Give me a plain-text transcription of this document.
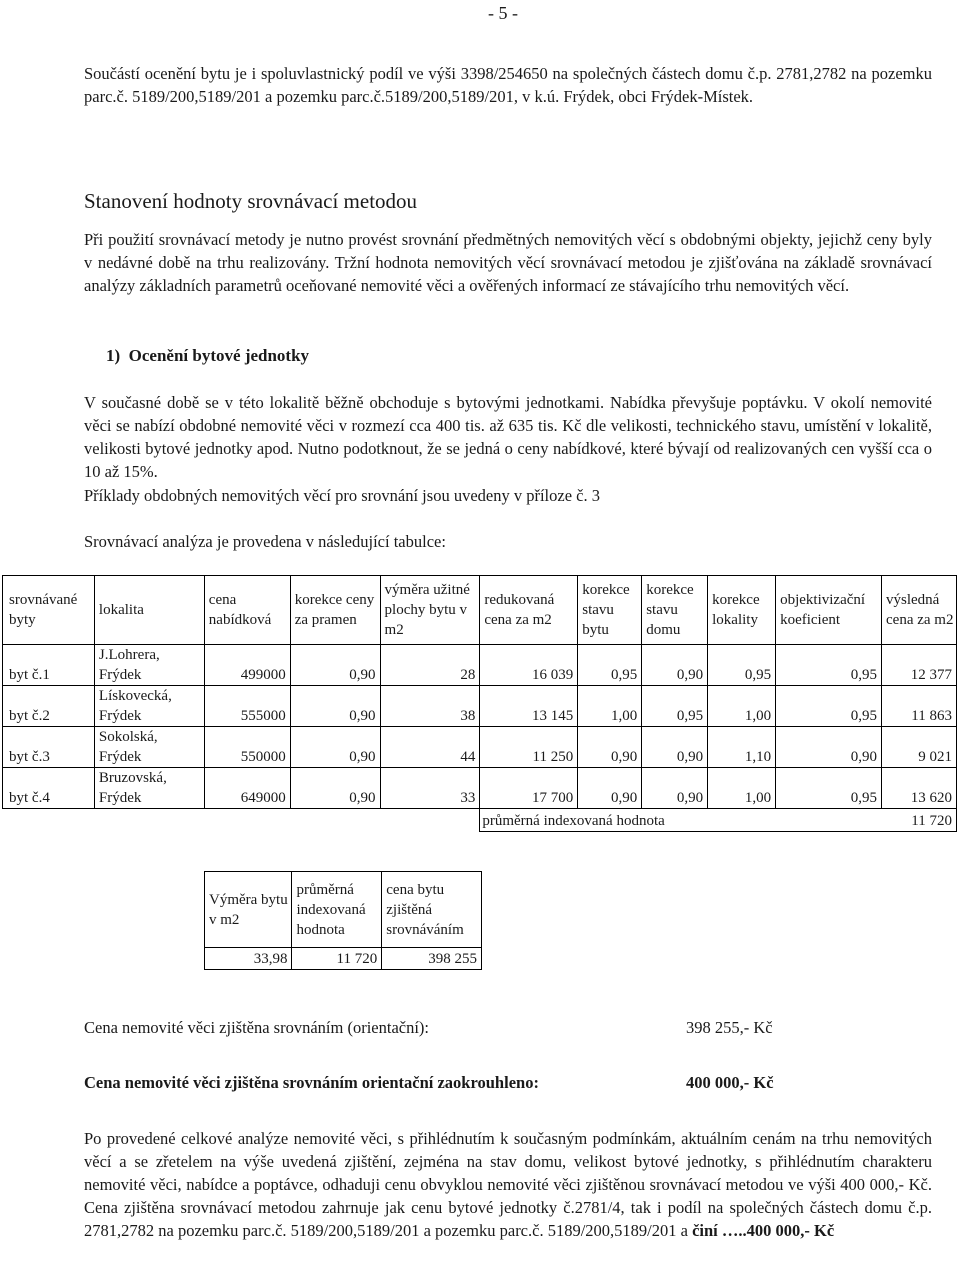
- 5 -
Součástí ocenění bytu je i spoluvlastnický podíl ve výši 3398/254650 na společných částech domu č.p. 2781,2782 na pozemku parc.č. 5189/200,5189/201 a pozemku parc.č.5189/200,5189/201, v k.ú. Frýdek, obci Frýdek-Místek.
Stanovení hodnoty srovnávací metodou
Při použití srovnávací metody je nutno provést srovnání předmětných nemovitých věcí s obdobnými objekty, jejichž ceny byly v nedávné době na trhu realizovány. Tržní hodnota nemovitých věcí srovnávací metodou je zjišťována na základě srovnávací analýzy základních parametrů oceňované nemovité věci a ověřených informací ze stávajícího trhu nemovitých věcí.
1)  Ocenění bytové jednotky
V současné době se v této lokalitě běžně obchoduje s bytovými jednotkami. Nabídka převyšuje poptávku. V okolí nemovité věci se nabízí obdobné nemovité věci v rozmezí cca 400 tis. až 635 tis. Kč dle velikosti, technického stavu, umístění v lokalitě, velikosti bytové jednotky apod. Nutno podotknout, že se jedná o ceny nabídkové, které bývají od realizovaných cen vyšší cca o 10 až 15%.
Příklady obdobných nemovitých věcí pro srovnání jsou uvedeny v příloze č. 3
Srovnávací analýza je provedena v následující tabulce:
srovnávané byty	lokalita	cena nabídková	korekce ceny za pramen	výměra užitné plochy bytu v m2	redukovaná cena za m2	korekce stavu bytu	korekce stavu domu	korekce lokality	objektivizační koeficient	výsledná cena za m2
byt č.1	J.Lohrera,
Frýdek	499000	0,90	28	16 039	0,95	0,90	0,95	0,95	12 377
byt č.2	Lískovecká,
Frýdek	555000	0,90	38	13 145	1,00	0,95	1,00	0,95	11 863
byt č.3	Sokolská,
Frýdek	550000	0,90	44	11 250	0,90	0,90	1,10	0,90	9 021
byt č.4	Bruzovská,
Frýdek	649000	0,90	33	17 700	0,90	0,90	1,00	0,95	13 620
					průměrná indexovaná hodnota					11 720
Výměra bytu v m2	průměrná indexovaná hodnota	cena bytu zjištěná srovnáváním
33,98	11 720	398 255
Cena nemovité věci zjištěna srovnáním (orientační):	398 255,- Kč
Cena nemovité věci zjištěna srovnáním orientační zaokrouhleno:	400 000,- Kč
Po provedené celkové analýze nemovité věci, s přihlédnutím k současným podmínkám, aktuálním cenám na trhu nemovitých věcí a se zřetelem na výše uvedená zjištění, zejména na stav domu, velikost bytové jednotky, s přihlédnutím charakteru nemovité věci, nabídce a poptávce, odhaduji cenu obvyklou nemovité věci zjištěnou srovnávací metodou ve výši 400 000,- Kč. Cena zjištěna srovnávací metodou zahrnuje jak cenu bytové jednotky č.2781/4, tak i podíl na společných částech domu č.p. 2781,2782 na pozemku parc.č. 5189/200,5189/201 a pozemku parc.č. 5189/200,5189/201 a činí …..400 000,- Kč
